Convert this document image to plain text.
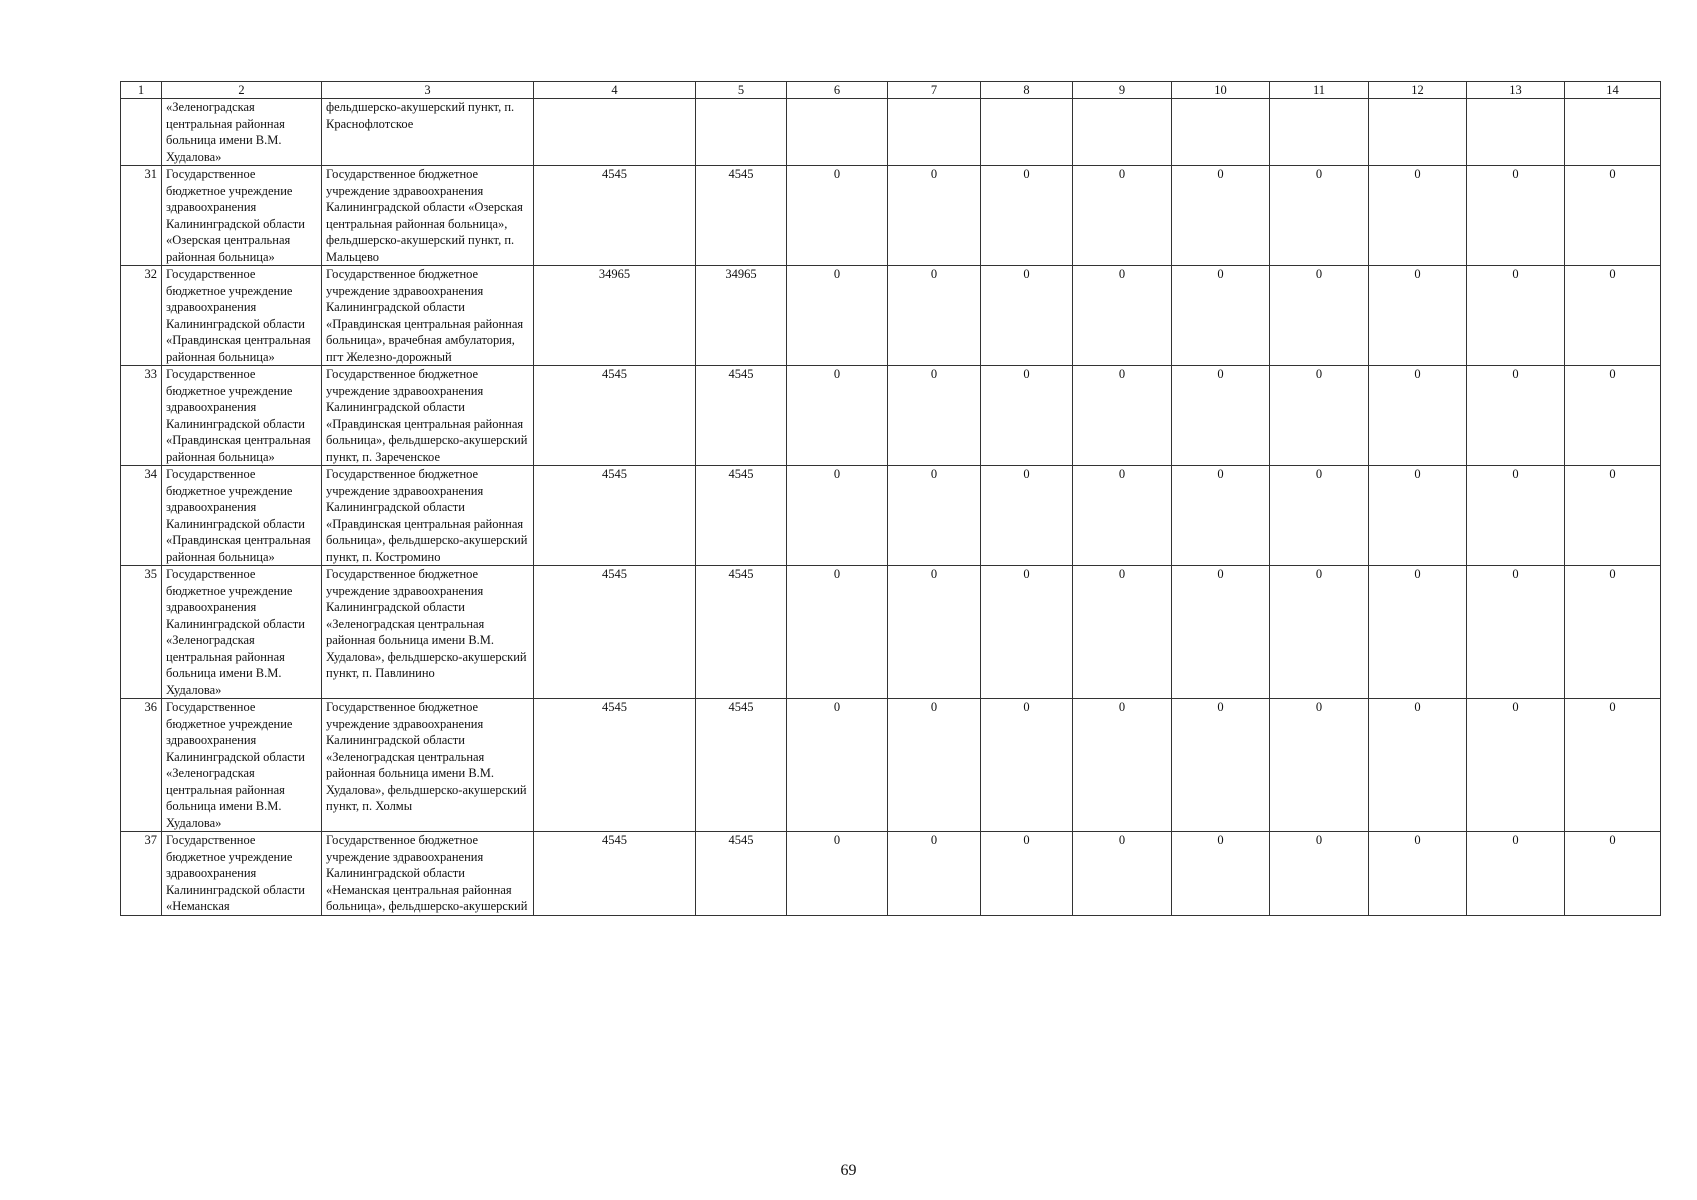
1	2	3	4	5	6	7	8	9	10	11	12	13	14
	«Зеленоградская центральная районная больница имени В.М. Худалова»	фельдшерско-акушерский пункт, п. Краснофлотское											
31	Государственное бюджетное учреждение здравоохранения Калининградской области «Озерская центральная районная больница»	Государственное бюджетное учреждение здравоохранения Калининградской области «Озерская центральная районная больница», фельдшерско-акушерский пункт, п. Мальцево	4545	4545	0	0	0	0	0	0	0	0	0
32	Государственное бюджетное учреждение здравоохранения Калининградской области «Правдинская центральная районная больница»	Государственное бюджетное учреждение здравоохранения Калининградской области «Правдинская центральная районная больница», врачебная амбулатория, пгт Железно-дорожный	34965	34965	0	0	0	0	0	0	0	0	0
33	Государственное бюджетное учреждение здравоохранения Калининградской области «Правдинская центральная районная больница»	Государственное бюджетное учреждение здравоохранения Калининградской области «Правдинская центральная районная больница», фельдшерско-акушерский пункт, п. Зареченское	4545	4545	0	0	0	0	0	0	0	0	0
34	Государственное бюджетное учреждение здравоохранения Калининградской области «Правдинская центральная районная больница»	Государственное бюджетное учреждение здравоохранения Калининградской области «Правдинская центральная районная больница», фельдшерско-акушерский пункт, п. Костромино	4545	4545	0	0	0	0	0	0	0	0	0
35	Государственное бюджетное учреждение здравоохранения Калининградской области «Зеленоградская центральная районная больница имени В.М. Худалова»	Государственное бюджетное учреждение здравоохранения Калининградской области «Зеленоградская центральная районная больница имени В.М. Худалова», фельдшерско-акушерский пункт, п. Павлинино	4545	4545	0	0	0	0	0	0	0	0	0
36	Государственное бюджетное учреждение здравоохранения Калининградской области «Зеленоградская центральная районная больница имени В.М. Худалова»	Государственное бюджетное учреждение здравоохранения Калининградской области «Зеленоградская центральная районная больница имени В.М. Худалова», фельдшерско-акушерский пункт, п. Холмы	4545	4545	0	0	0	0	0	0	0	0	0
37	Государственное бюджетное учреждение здравоохранения Калининградской области «Неманская	Государственное бюджетное учреждение здравоохранения Калининградской области «Неманская центральная районная больница», фельдшерско-акушерский	4545	4545	0	0	0	0	0	0	0	0	0
69
